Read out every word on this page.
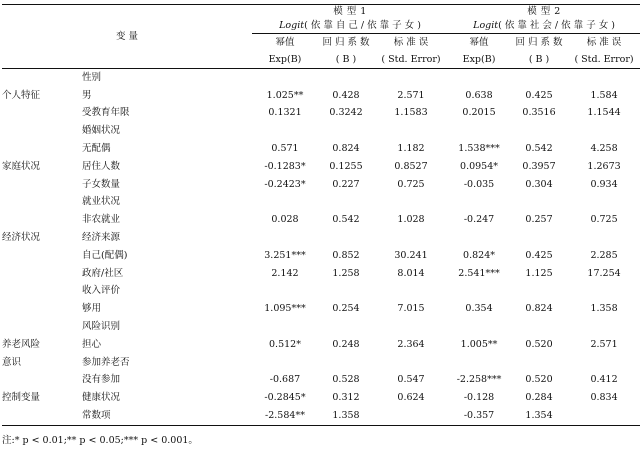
变 量		模 型 1			模 型 2		
		Logit( 依 靠 自 己 / 依 靠 子 女 )			Logit( 依 靠 社 会 / 依 靠 子 女 )		
		幂值	回 归 系 数	标 准 误	幂值	回 归 系 数	标 准 误
		Exp(B)	( B )	( Std. Error)	Exp(B)	( B )	( Std. Error)
	性别						
个人特征	男	1.025**	0.428	2.571	0.638	0.425	1.584
	受教育年限	0.1321	0.3242	1.1583	0.2015	0.3516	1.1544
	婚姻状况						
	无配偶	0.571	0.824	1.182	1.538***	0.542	4.258
家庭状况	居住人数	-0.1283*	0.1255	0.8527	0.0954*	0.3957	1.2673
	子女数量	-0.2423*	0.227	0.725	-0.035	0.304	0.934
	就业状况						
	非农就业	0.028	0.542	1.028	-0.247	0.257	0.725
经济状况	经济来源						
	自己(配偶)	3.251***	0.852	30.241	0.824*	0.425	2.285
	政府/社区	2.142	1.258	8.014	2.541***	1.125	17.254
	收入评价						
	够用	1.095***	0.254	7.015	0.354	0.824	1.358
	风险识别						
养老风险	担心	0.512*	0.248	2.364	1.005**	0.520	2.571
意识	参加养老否						
	没有参加	-0.687	0.528	0.547	-2.258***	0.520	0.412
控制变量	健康状况	-0.2845*	0.312	0.624	-0.128	0.284	0.834
	常数项	-2.584**	1.358		-0.357	1.354	
注:* p < 0.01;** p < 0.05;*** p < 0.001。
